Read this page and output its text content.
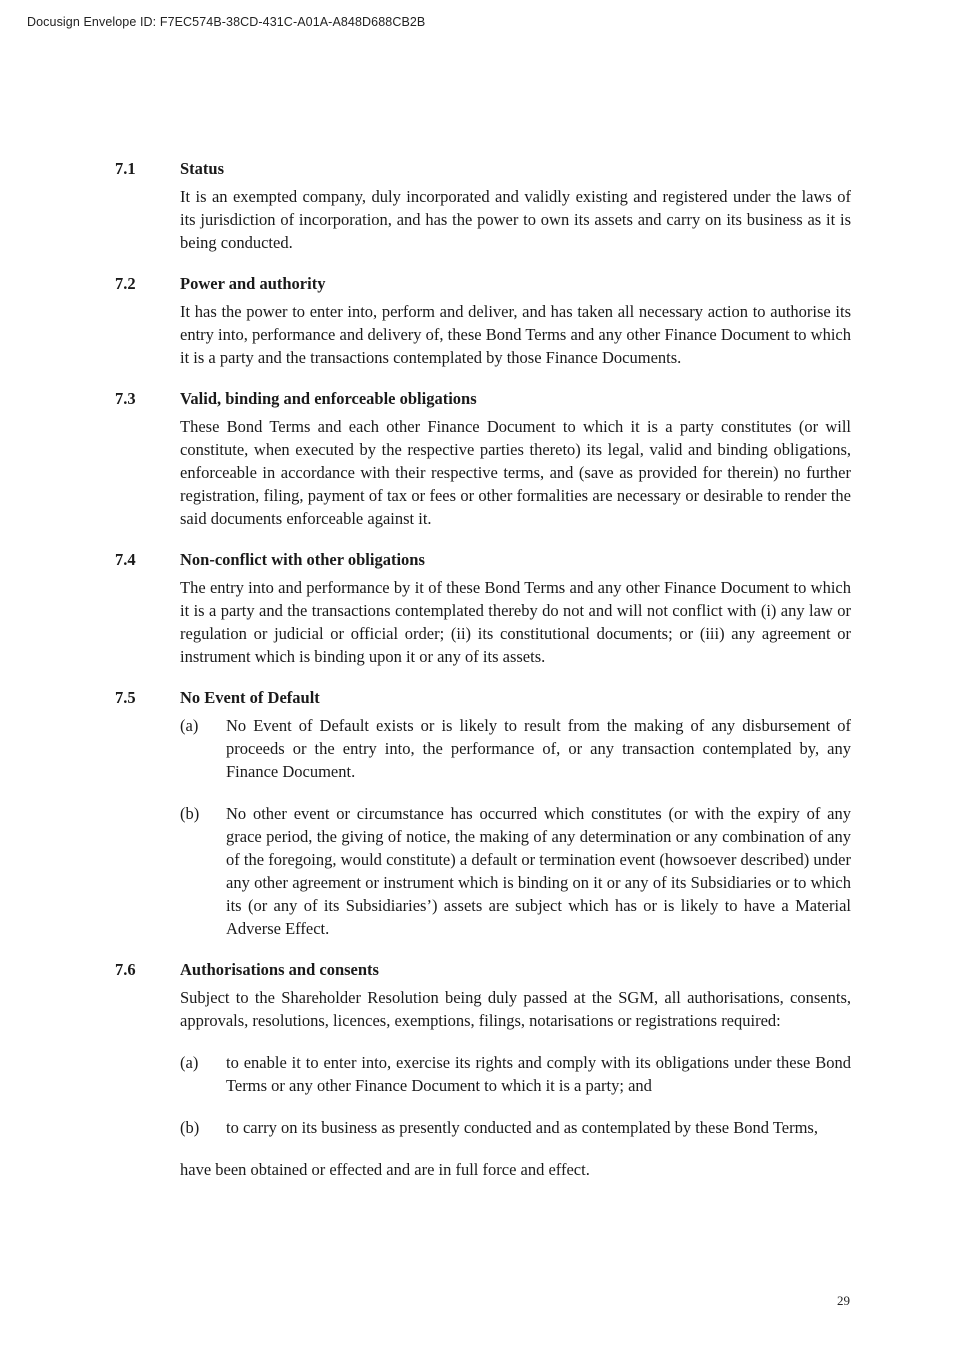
Docusign Envelope ID: F7EC574B-38CD-431C-A01A-A848D688CB2B
7.1	Status
It is an exempted company, duly incorporated and validly existing and registered under the laws of its jurisdiction of incorporation, and has the power to own its assets and carry on its business as it is being conducted.
7.2	Power and authority
It has the power to enter into, perform and deliver, and has taken all necessary action to authorise its entry into, performance and delivery of, these Bond Terms and any other Finance Document to which it is a party and the transactions contemplated by those Finance Documents.
7.3	Valid, binding and enforceable obligations
These Bond Terms and each other Finance Document to which it is a party constitutes (or will constitute, when executed by the respective parties thereto) its legal, valid and binding obligations, enforceable in accordance with their respective terms, and (save as provided for therein) no further registration, filing, payment of tax or fees or other formalities are necessary or desirable to render the said documents enforceable against it.
7.4	Non-conflict with other obligations
The entry into and performance by it of these Bond Terms and any other Finance Document to which it is a party and the transactions contemplated thereby do not and will not conflict with (i) any law or regulation or judicial or official order; (ii) its constitutional documents; or (iii) any agreement or instrument which is binding upon it or any of its assets.
7.5	No Event of Default
(a)	No Event of Default exists or is likely to result from the making of any disbursement of proceeds or the entry into, the performance of, or any transaction contemplated by, any Finance Document.
(b)	No other event or circumstance has occurred which constitutes (or with the expiry of any grace period, the giving of notice, the making of any determination or any combination of any of the foregoing, would constitute) a default or termination event (howsoever described) under any other agreement or instrument which is binding on it or any of its Subsidiaries or to which its (or any of its Subsidiaries’) assets are subject which has or is likely to have a Material Adverse Effect.
7.6	Authorisations and consents
Subject to the Shareholder Resolution being duly passed at the SGM, all authorisations, consents, approvals, resolutions, licences, exemptions, filings, notarisations or registrations required:
(a)	to enable it to enter into, exercise its rights and comply with its obligations under these Bond Terms or any other Finance Document to which it is a party; and
(b)	to carry on its business as presently conducted and as contemplated by these Bond Terms,
have been obtained or effected and are in full force and effect.
29
